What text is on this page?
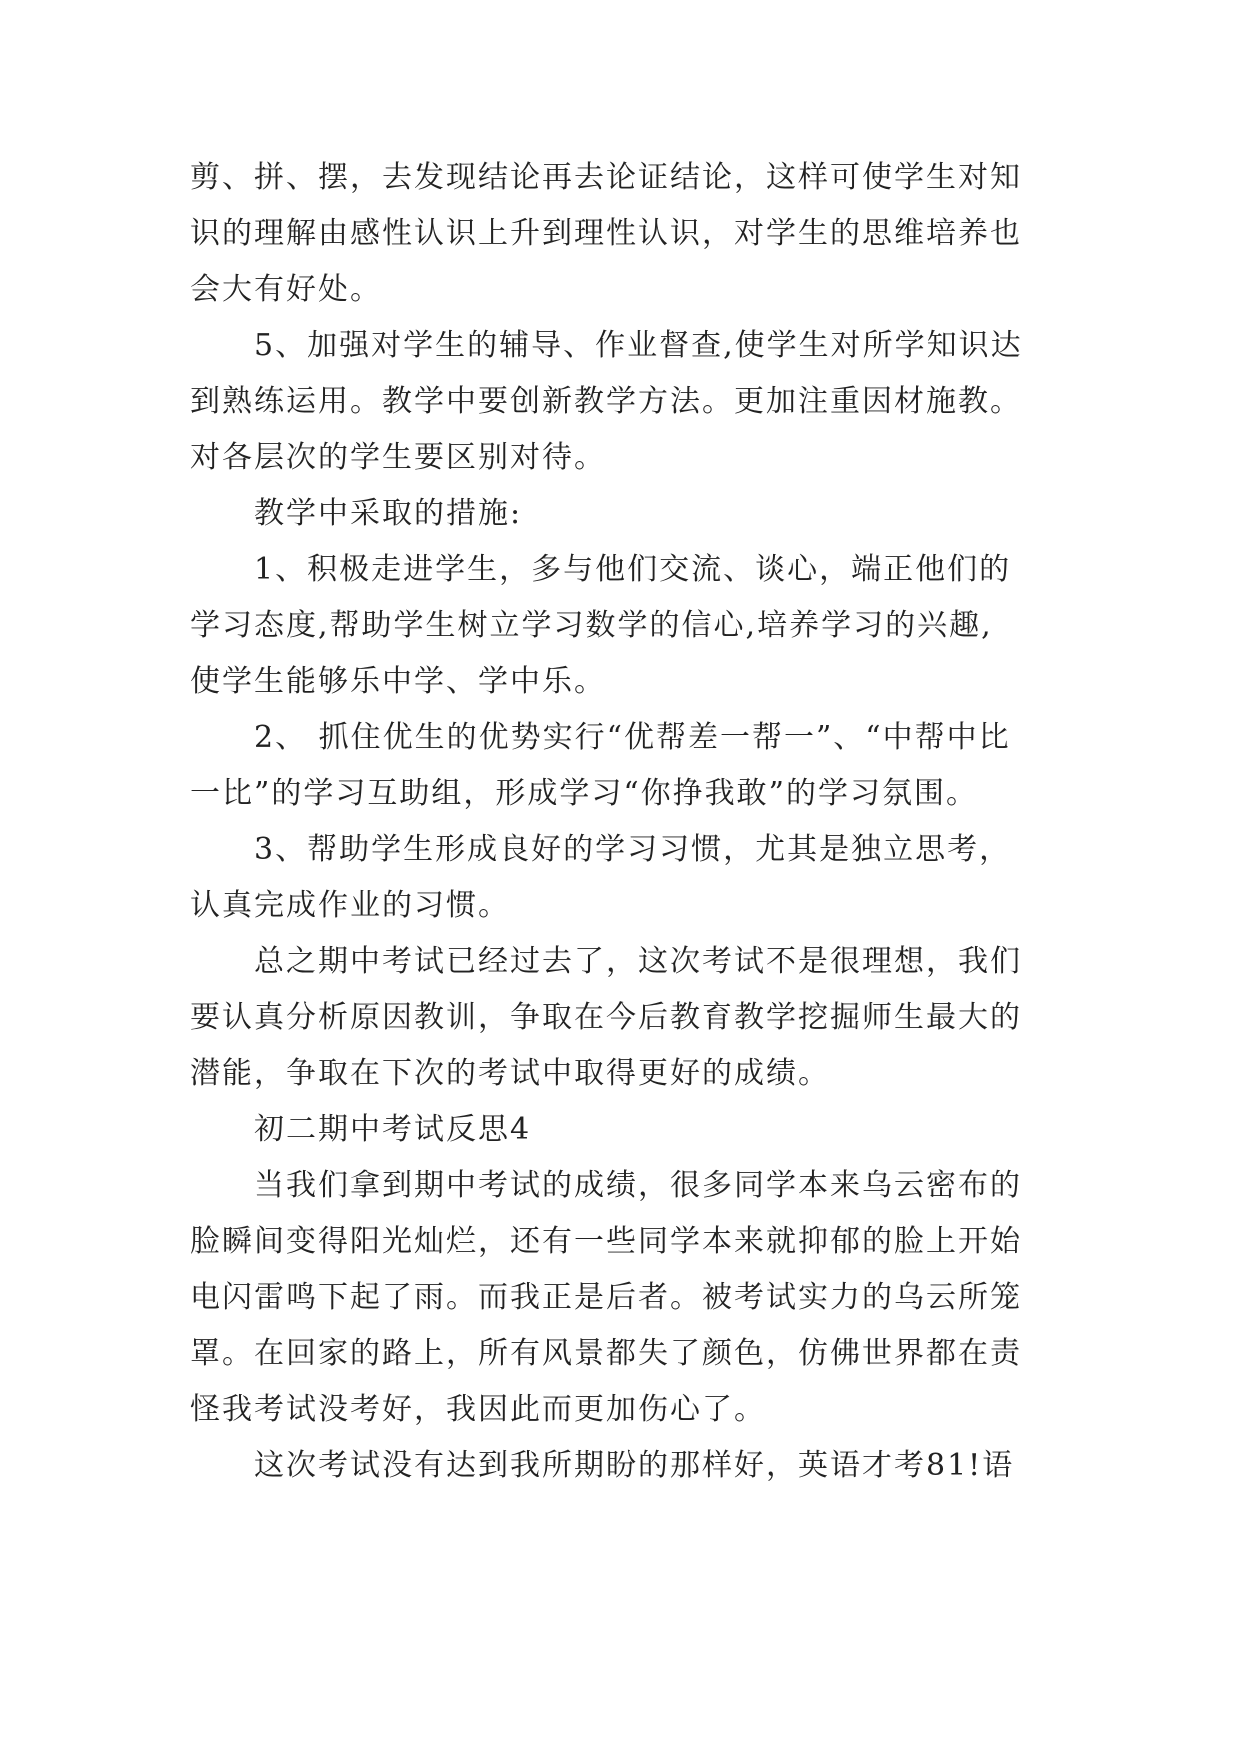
剪、拼、摆，去发现结论再去论证结论，这样可使学生对知
识的理解由感性认识上升到理性认识，对学生的思维培养也
会大有好处。

5、加强对学生的辅导、作业督查,使学生对所学知识达
到熟练运用。教学中要创新教学方法。更加注重因材施教。
对各层次的学生要区别对待。

教学中采取的措施:

1、积极走进学生，多与他们交流、谈心，端正他们的
学习态度,帮助学生树立学习数学的信心,培养学习的兴趣,
使学生能够乐中学、学中乐。

2、 抓住优生的优势实行“优帮差一帮一”、“中帮中比
一比”的学习互助组，形成学习“你挣我敢”的学习氛围。

3、帮助学生形成良好的学习习惯，尤其是独立思考，
认真完成作业的习惯。

总之期中考试已经过去了，这次考试不是很理想，我们
要认真分析原因教训，争取在今后教育教学挖掘师生最大的
潜能，争取在下次的考试中取得更好的成绩。

初二期中考试反思4

当我们拿到期中考试的成绩，很多同学本来乌云密布的
脸瞬间变得阳光灿烂，还有一些同学本来就抑郁的脸上开始
电闪雷鸣下起了雨。而我正是后者。被考试实力的乌云所笼
罩。在回家的路上，所有风景都失了颜色，仿佛世界都在责
怪我考试没考好，我因此而更加伤心了。

这次考试没有达到我所期盼的那样好，英语才考81!语
